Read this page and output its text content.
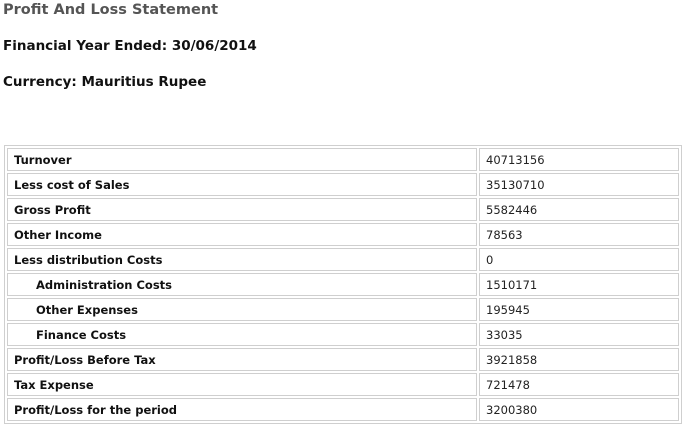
Profit And Loss Statement
Financial Year Ended: 30/06/2014
Currency: Mauritius Rupee
Turnover	40713156
Less cost of Sales	35130710
Gross Profit	5582446
Other Income	78563
Less distribution Costs	0
Administration Costs	1510171
Other Expenses	195945
Finance Costs	33035
Profit/Loss Before Tax	3921858
Tax Expense	721478
Profit/Loss for the period	3200380
